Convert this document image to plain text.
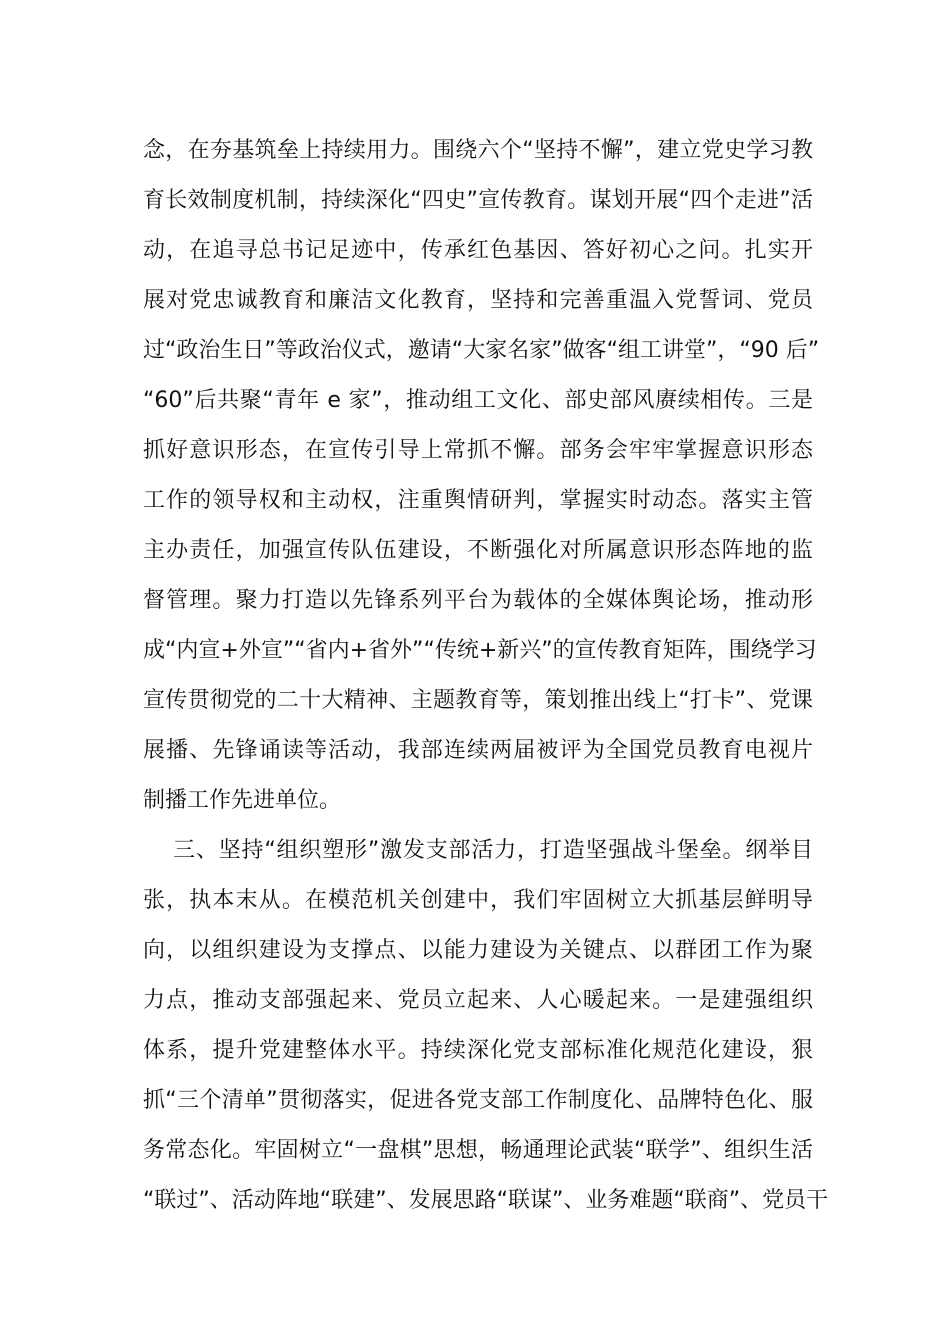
念，在夯基筑垒上持续用力。围绕六个“坚持不懈”，建立党史学习教
育长效制度机制，持续深化“四史”宣传教育。谋划开展“四个走进”活
动，在追寻总书记足迹中，传承红色基因、答好初心之问。扎实开
展对党忠诚教育和廉洁文化教育，坚持和完善重温入党誓词、党员
过“政治生日”等政治仪式，邀请“大家名家”做客“组工讲堂”，“90 后”
“60”后共聚“青年 e 家”，推动组工文化、部史部风赓续相传。三是
抓好意识形态，在宣传引导上常抓不懈。部务会牢牢掌握意识形态
工作的领导权和主动权，注重舆情研判，掌握实时动态。落实主管
主办责任，加强宣传队伍建设，不断强化对所属意识形态阵地的监
督管理。聚力打造以先锋系列平台为载体的全媒体舆论场，推动形
成“内宣+外宣”“省内+省外”“传统+新兴”的宣传教育矩阵，围绕学习
宣传贯彻党的二十大精神、主题教育等，策划推出线上“打卡”、党课
展播、先锋诵读等活动，我部连续两届被评为全国党员教育电视片
制播工作先进单位。
三、坚持“组织塑形”激发支部活力，打造坚强战斗堡垒。纲举目
张，执本末从。在模范机关创建中，我们牢固树立大抓基层鲜明导
向，以组织建设为支撑点、以能力建设为关键点、以群团工作为聚
力点，推动支部强起来、党员立起来、人心暖起来。一是建强组织
体系，提升党建整体水平。持续深化党支部标准化规范化建设，狠
抓“三个清单”贯彻落实，促进各党支部工作制度化、品牌特色化、服
务常态化。牢固树立“一盘棋”思想，畅通理论武装“联学”、组织生活
“联过”、活动阵地“联建”、发展思路“联谋”、业务难题“联商”、党员干
